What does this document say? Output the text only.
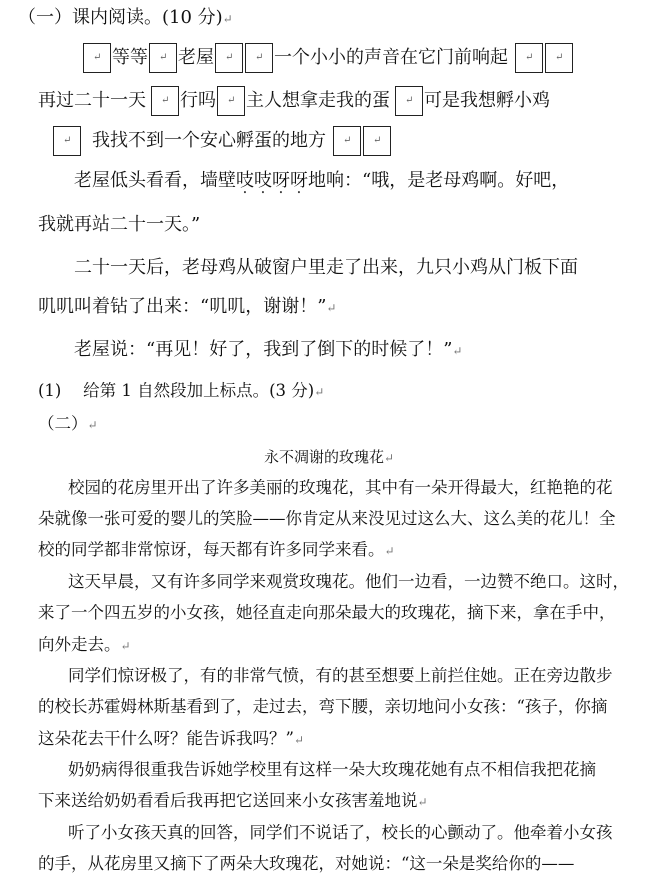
（一）课内阅读。(10 分)↵
↵ 等等 ↵ 老屋 ↵ ↵ 一个小小的声音在它门前响起 ↵ ↵
再过二十一天 ↵ 行吗 ↵ 主人想拿走我的蛋 ↵ 可是我想孵小鸡
↵ 我找不到一个安心孵蛋的地方 ↵ ↵
老屋低头看看，墙壁吱吱呀呀地响：“哦，是老母鸡啊。好吧，
我就再站二十一天。”
二十一天后，老母鸡从破窗户里走了出来，九只小鸡从门板下面
叽叽叫着钻了出来：“叽叽，谢谢！”↵
老屋说：“再见！好了，我到了倒下的时候了！”↵
(1)  给第 1 自然段加上标点。(3 分)↵
（二）↵
永不凋谢的玫瑰花↵
校园的花房里开出了许多美丽的玫瑰花，其中有一朵开得最大，红艳艳的花
朵就像一张可爱的婴儿的笑脸——你肯定从来没见过这么大、这么美的花儿！全
校的同学都非常惊讶，每天都有许多同学来看。↵
这天早晨，又有许多同学来观赏玫瑰花。他们一边看，一边赞不绝口。这时，
来了一个四五岁的小女孩，她径直走向那朵最大的玫瑰花，摘下来，拿在手中，
向外走去。↵
同学们惊讶极了，有的非常气愤，有的甚至想要上前拦住她。正在旁边散步
的校长苏霍姆林斯基看到了，走过去，弯下腰，亲切地问小女孩：“孩子，你摘
这朵花去干什么呀？能告诉我吗？”↵
奶奶病得很重我告诉她学校里有这样一朵大玫瑰花她有点不相信我把花摘
下来送给奶奶看看后我再把它送回来小女孩害羞地说↵
听了小女孩天真的回答，同学们不说话了，校长的心颤动了。他牵着小女孩
的手，从花房里又摘下了两朵大玫瑰花，对她说：“这一朵是奖给你的——
